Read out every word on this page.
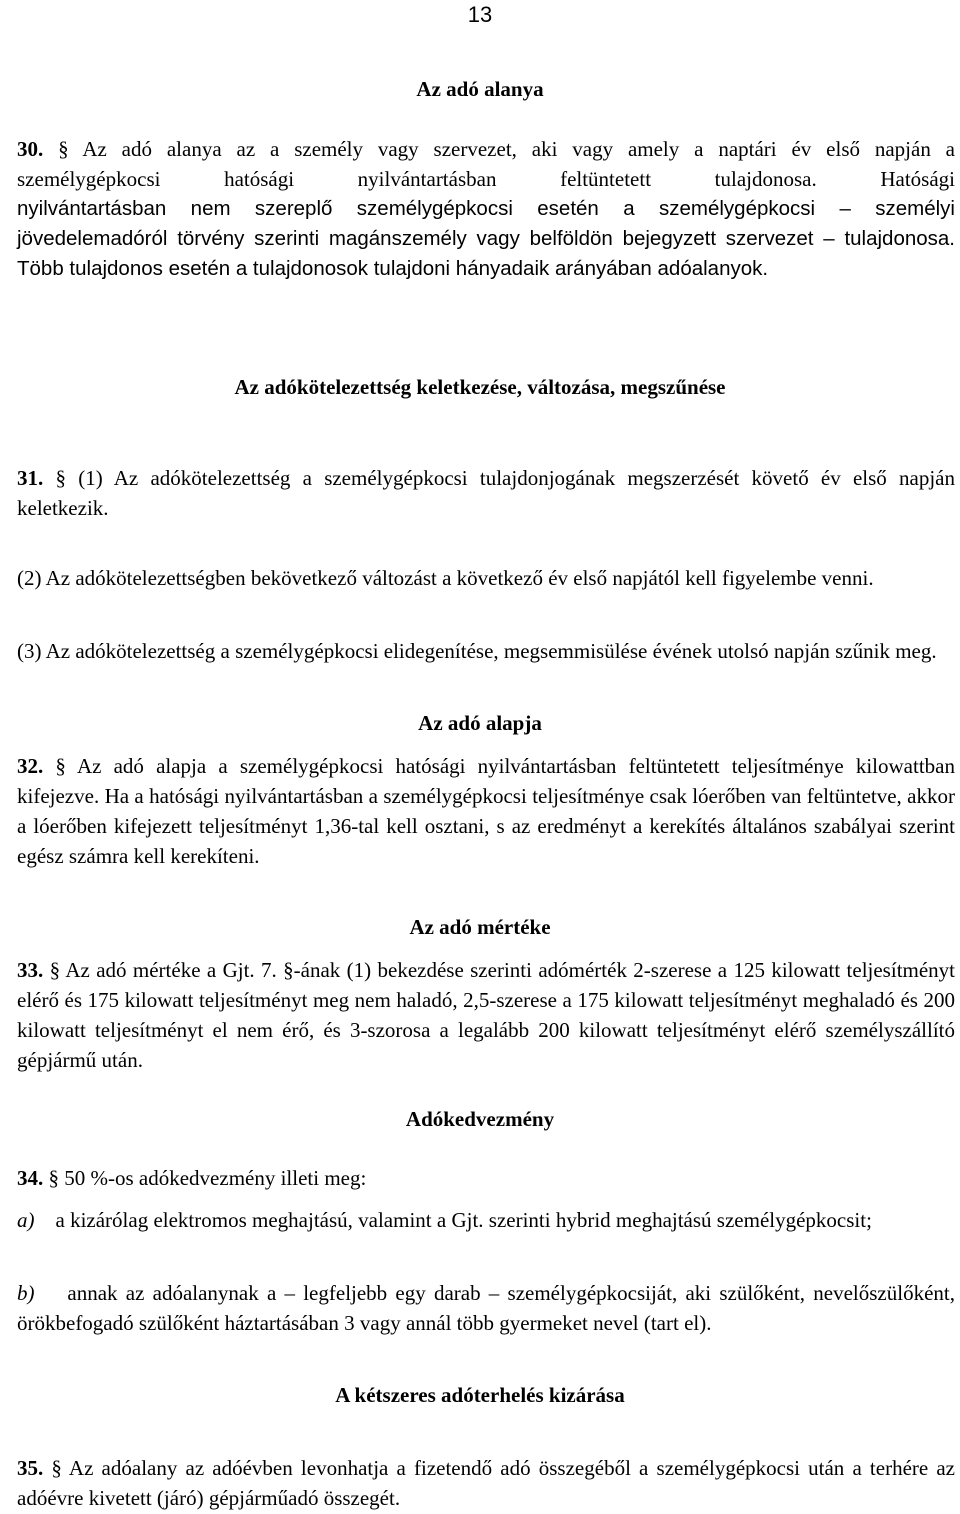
13
Az adó alanya
30. § Az adó alanya az a személy vagy szervezet, aki vagy amely a naptári év első napján a
személygépkocsi hatósági nyilvántartásban feltüntetett tulajdonosa. Hatósági
nyilvántartásban nem szereplő személygépkocsi esetén a személygépkocsi – személyi jövedelemadóról törvény szerinti magánszemély vagy belföldön bejegyzett szervezet – tulajdonosa. Több tulajdonos esetén a tulajdonosok tulajdoni hányadaik arányában adóalanyok.
Az adókötelezettség keletkezése, változása, megszűnése
31. § (1) Az adókötelezettség a személygépkocsi tulajdonjogának megszerzését követő év első napján keletkezik.
(2) Az adókötelezettségben bekövetkező változást a következő év első napjától kell figyelembe venni.
(3) Az adókötelezettség a személygépkocsi elidegenítése, megsemmisülése évének utolsó napján szűnik meg.
Az adó alapja
32. § Az adó alapja a személygépkocsi hatósági nyilvántartásban feltüntetett teljesítménye kilowattban kifejezve. Ha a hatósági nyilvántartásban a személygépkocsi teljesítménye csak lóerőben van feltüntetve, akkor a lóerőben kifejezett teljesítményt 1,36-tal kell osztani, s az eredményt a kerekítés általános szabályai szerint egész számra kell kerekíteni.
Az adó mértéke
33. § Az adó mértéke a Gjt. 7. §-ának (1) bekezdése szerinti adómérték 2-szerese a 125 kilowatt teljesítményt elérő és 175 kilowatt teljesítményt meg nem haladó, 2,5-szerese a 175 kilowatt teljesítményt meghaladó és 200 kilowatt teljesítményt el nem érő, és 3-szorosa a legalább 200 kilowatt teljesítményt elérő személyszállító gépjármű után.
Adókedvezmény
34. § 50 %-os adókedvezmény illeti meg:
a) a kizárólag elektromos meghajtású, valamint a Gjt. szerinti hybrid meghajtású személygépkocsit;
b) annak az adóalanynak a – legfeljebb egy darab – személygépkocsiját, aki szülőként, nevelőszülőként, örökbefogadó szülőként háztartásában 3 vagy annál több gyermeket nevel (tart el).
A kétszeres adóterhelés kizárása
35. § Az adóalany az adóévben levonhatja a fizetendő adó összegéből a személygépkocsi után a terhére az adóévre kivetett (járó) gépjárműadó összegét.
